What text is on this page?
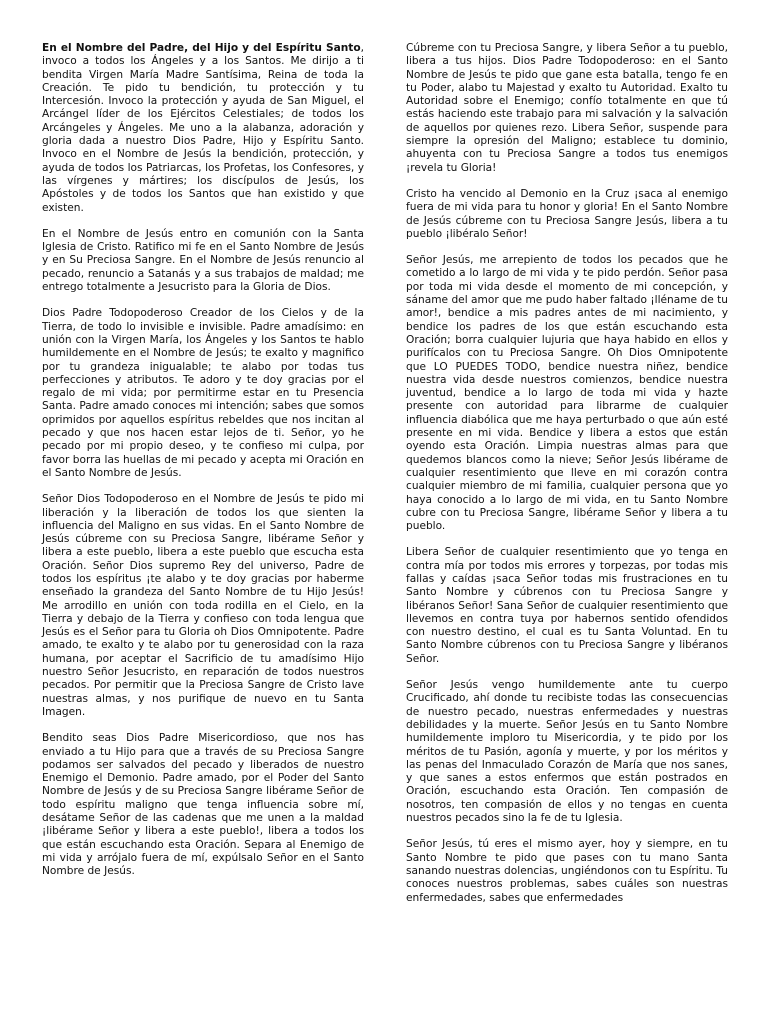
En el Nombre del Padre, del Hijo y del Espíritu Santo, invoco a todos los Ángeles y a los Santos. Me dirijo a ti bendita Virgen María Madre Santísima, Reina de toda la Creación. Te pido tu bendición, tu protección y tu Intercesión. Invoco la protección y ayuda de San Miguel, el Arcángel líder de los Ejércitos Celestiales; de todos los Arcángeles y Ángeles. Me uno a la alabanza, adoración y gloria dada a nuestro Dios Padre, Hijo y Espíritu Santo. Invoco en el Nombre de Jesús la bendición, protección, y ayuda de todos los Patriarcas, los Profetas, los Confesores, y las vírgenes y mártires; los discípulos de Jesús, los Apóstoles y de todos los Santos que han existido y que existen.

En el Nombre de Jesús entro en comunión con la Santa Iglesia de Cristo. Ratifico mi fe en el Santo Nombre de Jesús y en Su Preciosa Sangre. En el Nombre de Jesús renuncio al pecado, renuncio a Satanás y a sus trabajos de maldad; me entrego totalmente a Jesucristo para la Gloria de Dios.

Dios Padre Todopoderoso Creador de los Cielos y de la Tierra, de todo lo invisible e invisible. Padre amadísimo: en unión con la Virgen María, los Ángeles y los Santos te hablo humildemente en el Nombre de Jesús; te exalto y magnifico por tu grandeza inigualable; te alabo por todas tus perfecciones y atributos. Te adoro y te doy gracias por el regalo de mi vida; por permitirme estar en tu Presencia Santa. Padre amado conoces mi intención; sabes que somos oprimidos por aquellos espíritus rebeldes que nos incitan al pecado y que nos hacen estar lejos de ti. Señor, yo he pecado por mi propio deseo, y te confieso mi culpa, por favor borra las huellas de mi pecado y acepta mi Oración en el Santo Nombre de Jesús.

Señor Dios Todopoderoso en el Nombre de Jesús te pido mi liberación y la liberación de todos los que sienten la influencia del Maligno en sus vidas. En el Santo Nombre de Jesús cúbreme con su Preciosa Sangre, libérame Señor y libera a este pueblo, libera a este pueblo que escucha esta Oración. Señor Dios supremo Rey del universo, Padre de todos los espíritus ¡te alabo y te doy gracias por haberme enseñado la grandeza del Santo Nombre de tu Hijo Jesús! Me arrodillo en unión con toda rodilla en el Cielo, en la Tierra y debajo de la Tierra y confieso con toda lengua que Jesús es el Señor para tu Gloria oh Dios Omnipotente. Padre amado, te exalto y te alabo por tu generosidad con la raza humana, por aceptar el Sacrificio de tu amadísimo Hijo nuestro Señor Jesucristo, en reparación de todos nuestros pecados. Por permitir que la Preciosa Sangre de Cristo lave nuestras almas, y nos purifique de nuevo en tu Santa Imagen.

Bendito seas Dios Padre Misericordioso, que nos has enviado a tu Hijo para que a través de su Preciosa Sangre podamos ser salvados del pecado y liberados de nuestro Enemigo el Demonio. Padre amado, por el Poder del Santo Nombre de Jesús y de su Preciosa Sangre libérame Señor de todo espíritu maligno que tenga influencia sobre mí, desátame Señor de las cadenas que me unen a la maldad ¡libérame Señor y libera a este pueblo!, libera a todos los que están escuchando esta Oración. Separa al Enemigo de mi vida y arrójalo fuera de mí, expúlsalo Señor en el Santo Nombre de Jesús.

Cúbreme con tu Preciosa Sangre, y libera Señor a tu pueblo, libera a tus hijos. Dios Padre Todopoderoso: en el Santo Nombre de Jesús te pido que gane esta batalla, tengo fe en tu Poder, alabo tu Majestad y exalto tu Autoridad. Exalto tu Autoridad sobre el Enemigo; confío totalmente en que tú estás haciendo este trabajo para mi salvación y la salvación de aquellos por quienes rezo. Libera Señor, suspende para siempre la opresión del Maligno; establece tu dominio, ahuyenta con tu Preciosa Sangre a todos tus enemigos ¡revela tu Gloria!

Cristo ha vencido al Demonio en la Cruz ¡saca al enemigo fuera de mi vida para tu honor y gloria! En el Santo Nombre de Jesús cúbreme con tu Preciosa Sangre Jesús, libera a tu pueblo ¡libéralo Señor!

Señor Jesús, me arrepiento de todos los pecados que he cometido a lo largo de mi vida y te pido perdón. Señor pasa por toda mi vida desde el momento de mi concepción, y sáname del amor que me pudo haber faltado ¡lléname de tu amor!, bendice a mis padres antes de mi nacimiento, y bendice los padres de los que están escuchando esta Oración; borra cualquier lujuria que haya habido en ellos y purifícalos con tu Preciosa Sangre. Oh Dios Omnipotente que LO PUEDES TODO, bendice nuestra niñez, bendice nuestra vida desde nuestros comienzos, bendice nuestra juventud, bendice a lo largo de toda mi vida y hazte presente con autoridad para librarme de cualquier influencia diabólica que me haya perturbado o que aún esté presente en mi vida. Bendice y libera a estos que están oyendo esta Oración. Limpia nuestras almas para que quedemos blancos como la nieve; Señor Jesús libérame de cualquier resentimiento que lleve en mi corazón contra cualquier miembro de mi familia, cualquier persona que yo haya conocido a lo largo de mi vida, en tu Santo Nombre cubre con tu Preciosa Sangre, libérame Señor y libera a tu pueblo.

Libera Señor de cualquier resentimiento que yo tenga en contra mía por todos mis errores y torpezas, por todas mis fallas y caídas ¡saca Señor todas mis frustraciones en tu Santo Nombre y cúbrenos con tu Preciosa Sangre y libéranos Señor! Sana Señor de cualquier resentimiento que llevemos en contra tuya por habernos sentido ofendidos con nuestro destino, el cual es tu Santa Voluntad. En tu Santo Nombre cúbrenos con tu Preciosa Sangre y libéranos Señor.

Señor Jesús vengo humildemente ante tu cuerpo Crucificado, ahí donde tu recibiste todas las consecuencias de nuestro pecado, nuestras enfermedades y nuestras debilidades y la muerte. Señor Jesús en tu Santo Nombre humildemente imploro tu Misericordia, y te pido por los méritos de tu Pasión, agonía y muerte, y por los méritos y las penas del Inmaculado Corazón de María que nos sanes, y que sanes a estos enfermos que están postrados en Oración, escuchando esta Oración. Ten compasión de nosotros, ten compasión de ellos y no tengas en cuenta nuestros pecados sino la fe de tu Iglesia.

Señor Jesús, tú eres el mismo ayer, hoy y siempre, en tu Santo Nombre te pido que pases con tu mano Santa sanando nuestras dolencias, ungiéndonos con tu Espíritu. Tu conoces nuestros problemas, sabes cuáles son nuestras enfermedades, sabes que enfermedades
